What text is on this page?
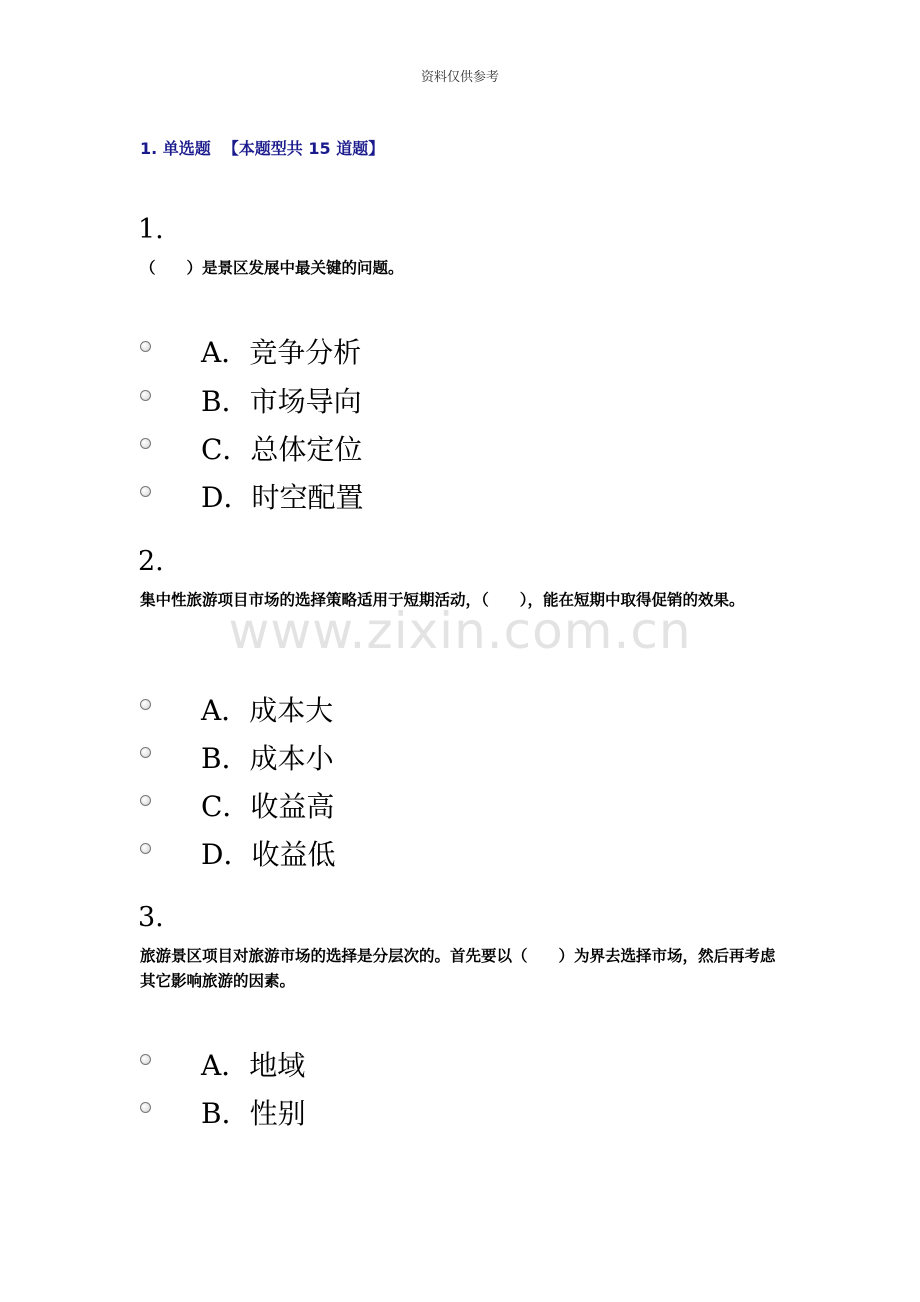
资料仅供参考
1. 单选题 【本题型共 15 道题】
www.zixin.com.cn
1.
（　　）是景区发展中最关键的问题。
A．竞争分析
B．市场导向
C．总体定位
D．时空配置
2.
集中性旅游项目市场的选择策略适用于短期活动，（　　），能在短期中取得促销的效果。
A．成本大
B．成本小
C．收益高
D．收益低
3.
旅游景区项目对旅游市场的选择是分层次的。首先要以（　　）为界去选择市场，然后再考虑其它影响旅游的因素。
A．地域
B．性别
